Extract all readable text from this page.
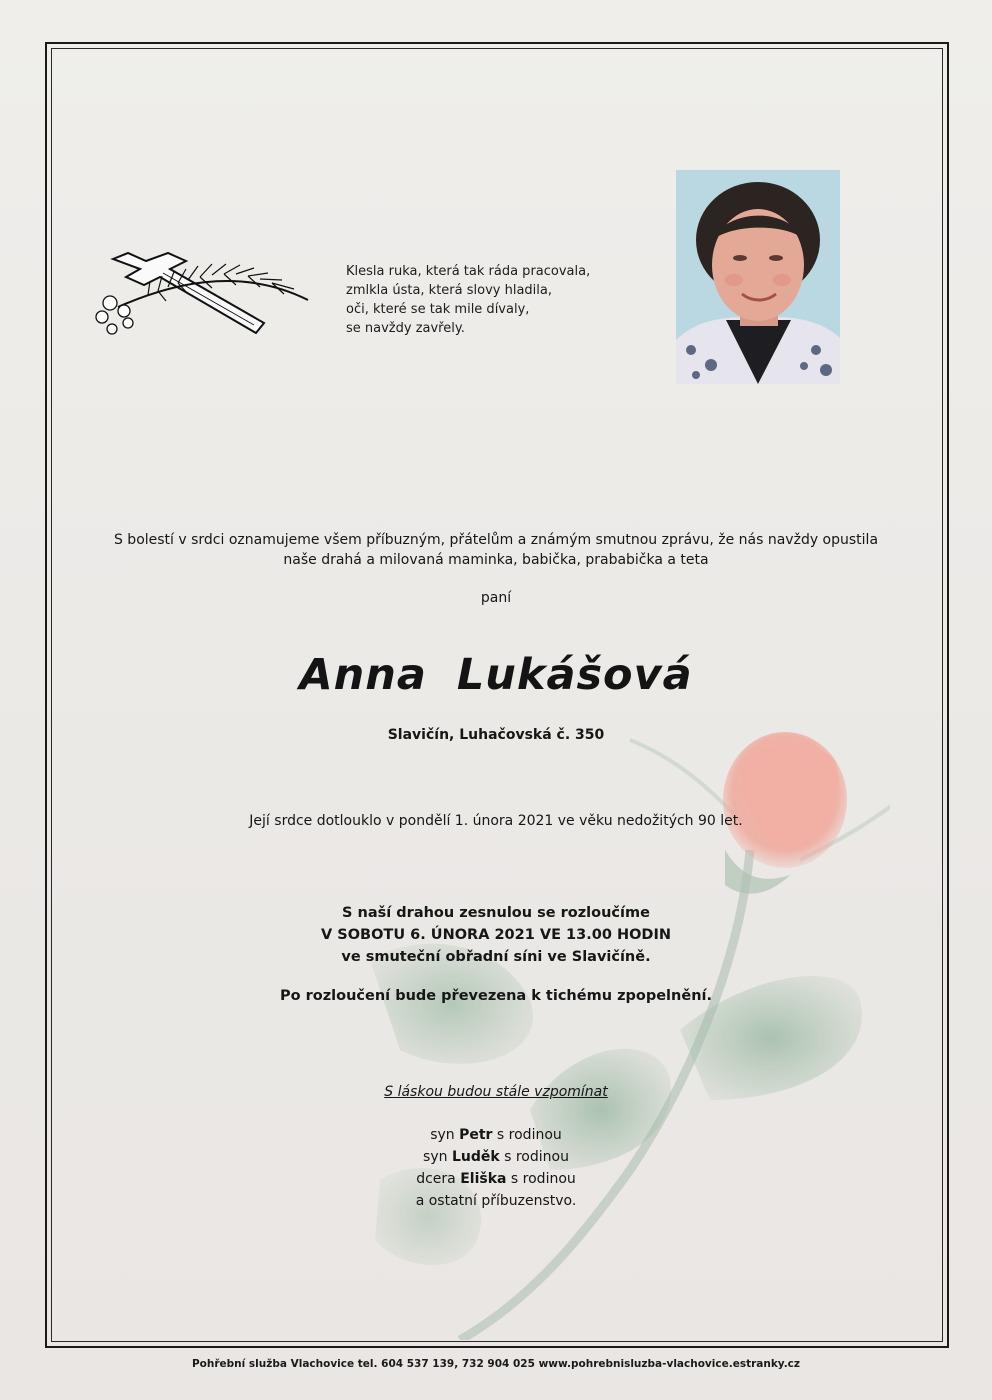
Klesla ruka, která tak ráda pracovala,
zmlkla ústa, která slovy hladila,
oči, které se tak mile dívaly,
se navždy zavřely.
S bolestí v srdci oznamujeme všem příbuzným, přátelům a známým smutnou zprávu, že nás navždy opustila
naše drahá a milovaná maminka, babička, prababička a teta
paní
Anna Lukášová
Slavičín, Luhačovská č. 350
Její srdce dotlouklo v pondělí 1. února 2021 ve věku nedožitých 90 let.
S naší drahou zesnulou se rozloučíme
V SOBOTU 6. ÚNORA 2021 VE 13.00 HODIN
ve smuteční obřadní síni ve Slavičíně.
Po rozloučení bude převezena k tichému zpopelnění.
S láskou budou stále vzpomínat
syn Petr s rodinou
syn Luděk s rodinou
dcera Eliška s rodinou
a ostatní příbuzenstvo.
Pohřební služba Vlachovice tel. 604 537 139, 732 904 025 www.pohrebnisluzba-vlachovice.estranky.cz
